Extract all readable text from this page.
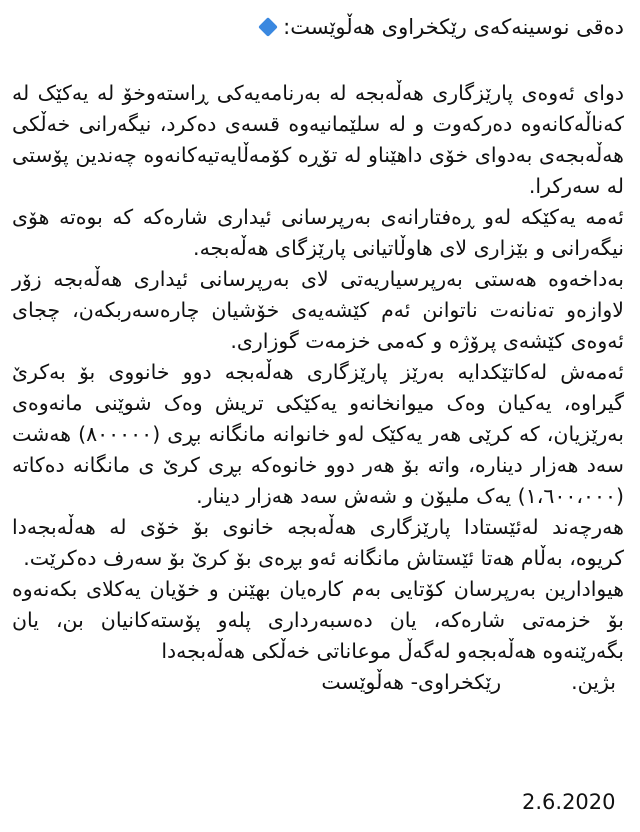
دەقی نوسینەکەی رێکخراوی هەڵوێست:

دوای ئەوەی پارێزگاری هەڵەبجە لە بەرنامەیەکی ڕاستەوخۆ لە یەکێک لە کەناڵەکانەوە دەرکەوت و لە سلێمانیەوە قسەی دەکرد، نیگەرانی خەڵکی هەڵەبجەی بەدوای خۆی داهێناو لە تۆڕە کۆمەڵایەتیەکانەوە چەندین پۆستی لە سەرکرا.

ئەمە یەکێکە لەو ڕەفتارانەی بەرپرسانی ئیداری شارەکە کە بوەتە هۆی نیگەرانی و بێزاری لای هاوڵاتیانی پارێزگای هەڵەبجە.

بەداخەوە هەستی بەرپرسیاریەتی لای بەرپرسانی ئیداری هەڵەبجە زۆر لاوازەو تەنانەت ناتوانن ئەم کێشەیەی خۆشیان چارەسەربکەن، چجای ئەوەی کێشەی پرۆژە و کەمی خزمەت گوزاری.

ئەمەش لەکاتێکدایە بەرێز پارێزگاری هەڵەبجە دوو خانووی بۆ بەکرێ گیراوە، یەکیان وەک میوانخانەو یەکێکی تریش وەک شوێنی مانەوەی بەرێزیان، کە کرێی هەر یەکێک لەو خانوانە مانگانە بڕی (٨٠٠٠٠٠) هەشت سەد هەزار دینارە، واتە بۆ هەر دوو خانوەکە بڕی کرێ ی مانگانە دەکاتە (١،٦٠٠،٠٠٠) یەک ملیۆن و شەش سەد هەزار دینار.

هەرچەند لەئێستادا پارێزگاری هەڵەبجە خانوی بۆ خۆی لە هەڵەبجەدا کریوە، بەڵام هەتا ئێستاش مانگانە ئەو بڕەی بۆ کرێ بۆ سەرف دەکرێت.

هیوادارین بەرپرسان کۆتایی بەم کارەیان بهێنن و خۆیان یەکلای بکەنەوە بۆ خزمەتی شارەکە، یان دەسبەرداری پلەو پۆستەکانیان بن، یان بگەرێنەوە هەڵەبجەو لەگەڵ موعاناتی خەڵکی هەڵەبجەدا

بژین.
رێکخراوی- هەڵوێست
2.6.2020
